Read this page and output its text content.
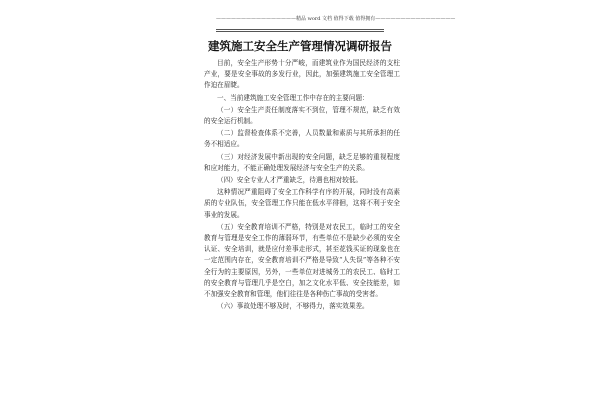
————————————————精品 word 文档 值得下载 值得拥有————————————————
建筑施工安全生产管理情况调研报告

目前，安全生产形势十分严峻，而建筑业作为国民经济的支柱产业，要是安全事故的多发行业，因此，加强建筑施工安全管理工作迫在眉睫。

一、当前建筑施工安全管理工作中存在的主要问题：

（一）安全生产责任制度落实不到位，管理不规范，缺乏有效的安全运行机制。

（二）监督检查体系不完善，人员数量和素质与其所承担的任务不相适应。

（三）对经济发展中新出现的安全问题，缺乏足够的重视程度和应对能力，不能正确处理发展经济与安全生产的关系。

（四）安全专业人才严重缺乏，待遇也相对较低。

这种情况严重阻碍了安全工作科学有序的开展，同时没有高素质的专业队伍，安全管理工作只能在低水平徘徊，这将不利于安全事业的发展。

（五）安全教育培训不严格，特别是对农民工，临时工的安全教育与管理是安全工作的薄弱环节，有些单位不是缺少必须的安全认证、安全培训，就是应付差事走形式，甚至花钱买证的现象也在一定范围内存在，安全教育培训不严格是导致“人失误”等各种不安全行为的主要原因，另外，一些单位对进城务工的农民工、临时工的安全教育与管理几乎是空白，加之文化水平低、安全技能差，如不加强安全教育和管理，他们往往是各种伤亡事故的受害者。

（六）事故处理不够及时，不够得力，落实效果差。
